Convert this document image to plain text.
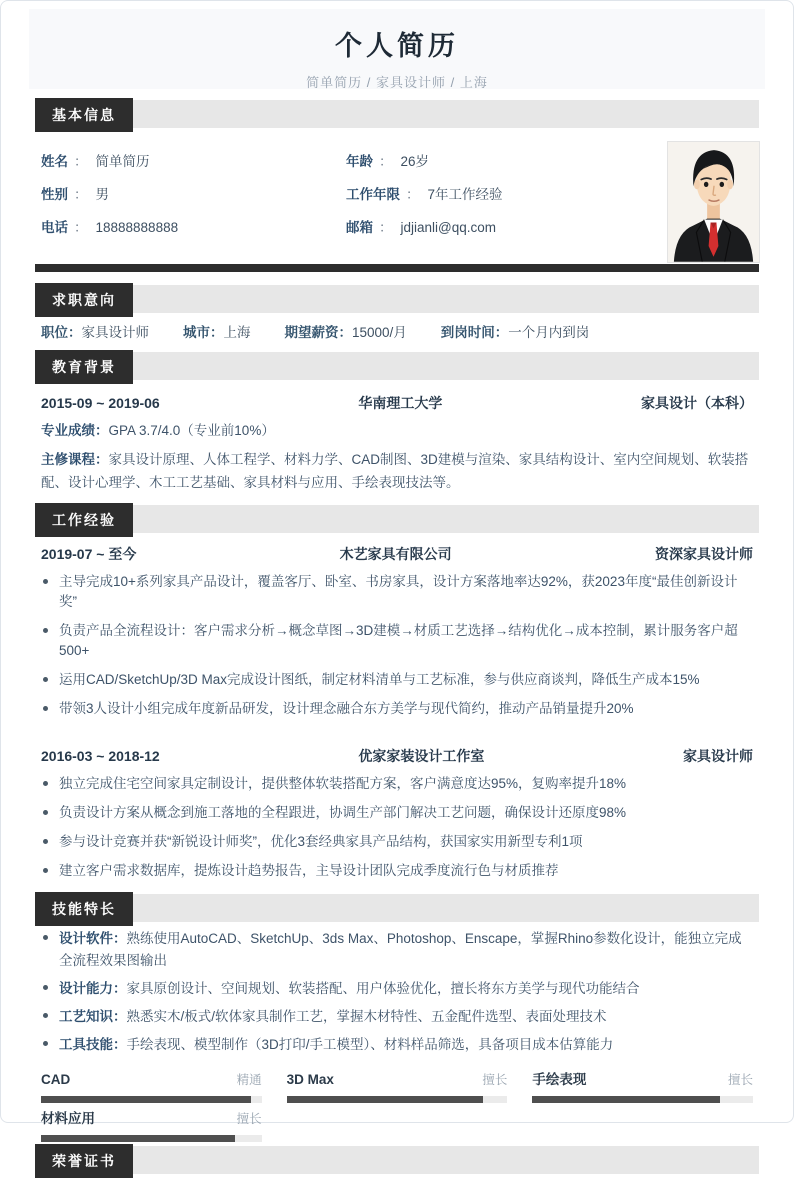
个人简历
简单简历 / 家具设计师 / 上海
基本信息
姓名 ： 简单简历	年龄 ： 26岁
性别 ： 男	工作年限 ： 7年工作经验
电话 ： 18888888888	邮箱 ： jdjianli@qq.com
求职意向
职位：家具设计师	城市：上海	期望薪资：15000/月	到岗时间：一个月内到岗
教育背景
2015-09 ~ 2019-06	华南理工大学	家具设计（本科）
专业成绩：GPA 3.7/4.0（专业前10%）
主修课程：家具设计原理、人体工程学、材料力学、CAD制图、3D建模与渲染、家具结构设计、室内空间规划、软装搭配、设计心理学、木工工艺基础、家具材料与应用、手绘表现技法等。
工作经验
2019-07 ~ 至今	木艺家具有限公司	资深家具设计师
主导完成10+系列家具产品设计，覆盖客厅、卧室、书房家具，设计方案落地率达92%，获2023年度“最佳创新设计奖”
负责产品全流程设计：客户需求分析→概念草图→3D建模→材质工艺选择→结构优化→成本控制，累计服务客户超500+
运用CAD/SketchUp/3D Max完成设计图纸，制定材料清单与工艺标准，参与供应商谈判，降低生产成本15%
带领3人设计小组完成年度新品研发，设计理念融合东方美学与现代简约，推动产品销量提升20%
2016-03 ~ 2018-12	优家家装设计工作室	家具设计师
独立完成住宅空间家具定制设计，提供整体软装搭配方案，客户满意度达95%，复购率提升18%
负责设计方案从概念到施工落地的全程跟进，协调生产部门解决工艺问题，确保设计还原度98%
参与设计竞赛并获“新锐设计师奖”，优化3套经典家具产品结构，获国家实用新型专利1项
建立客户需求数据库，提炼设计趋势报告，主导设计团队完成季度流行色与材质推荐
技能特长
设计软件：熟练使用AutoCAD、SketchUp、3ds Max、Photoshop、Enscape，掌握Rhino参数化设计，能独立完成全流程效果图输出
设计能力：家具原创设计、空间规划、软装搭配、用户体验优化，擅长将东方美学与现代功能结合
工艺知识：熟悉实木/板式/软体家具制作工艺，掌握木材特性、五金配件选型、表面处理技术
工具技能：手绘表现、模型制作（3D打印/手工模型）、材料样品筛选，具备项目成本估算能力
CAD	精通 3D Max	擅长 手绘表现	擅长
材料应用	擅长
荣誉证书
